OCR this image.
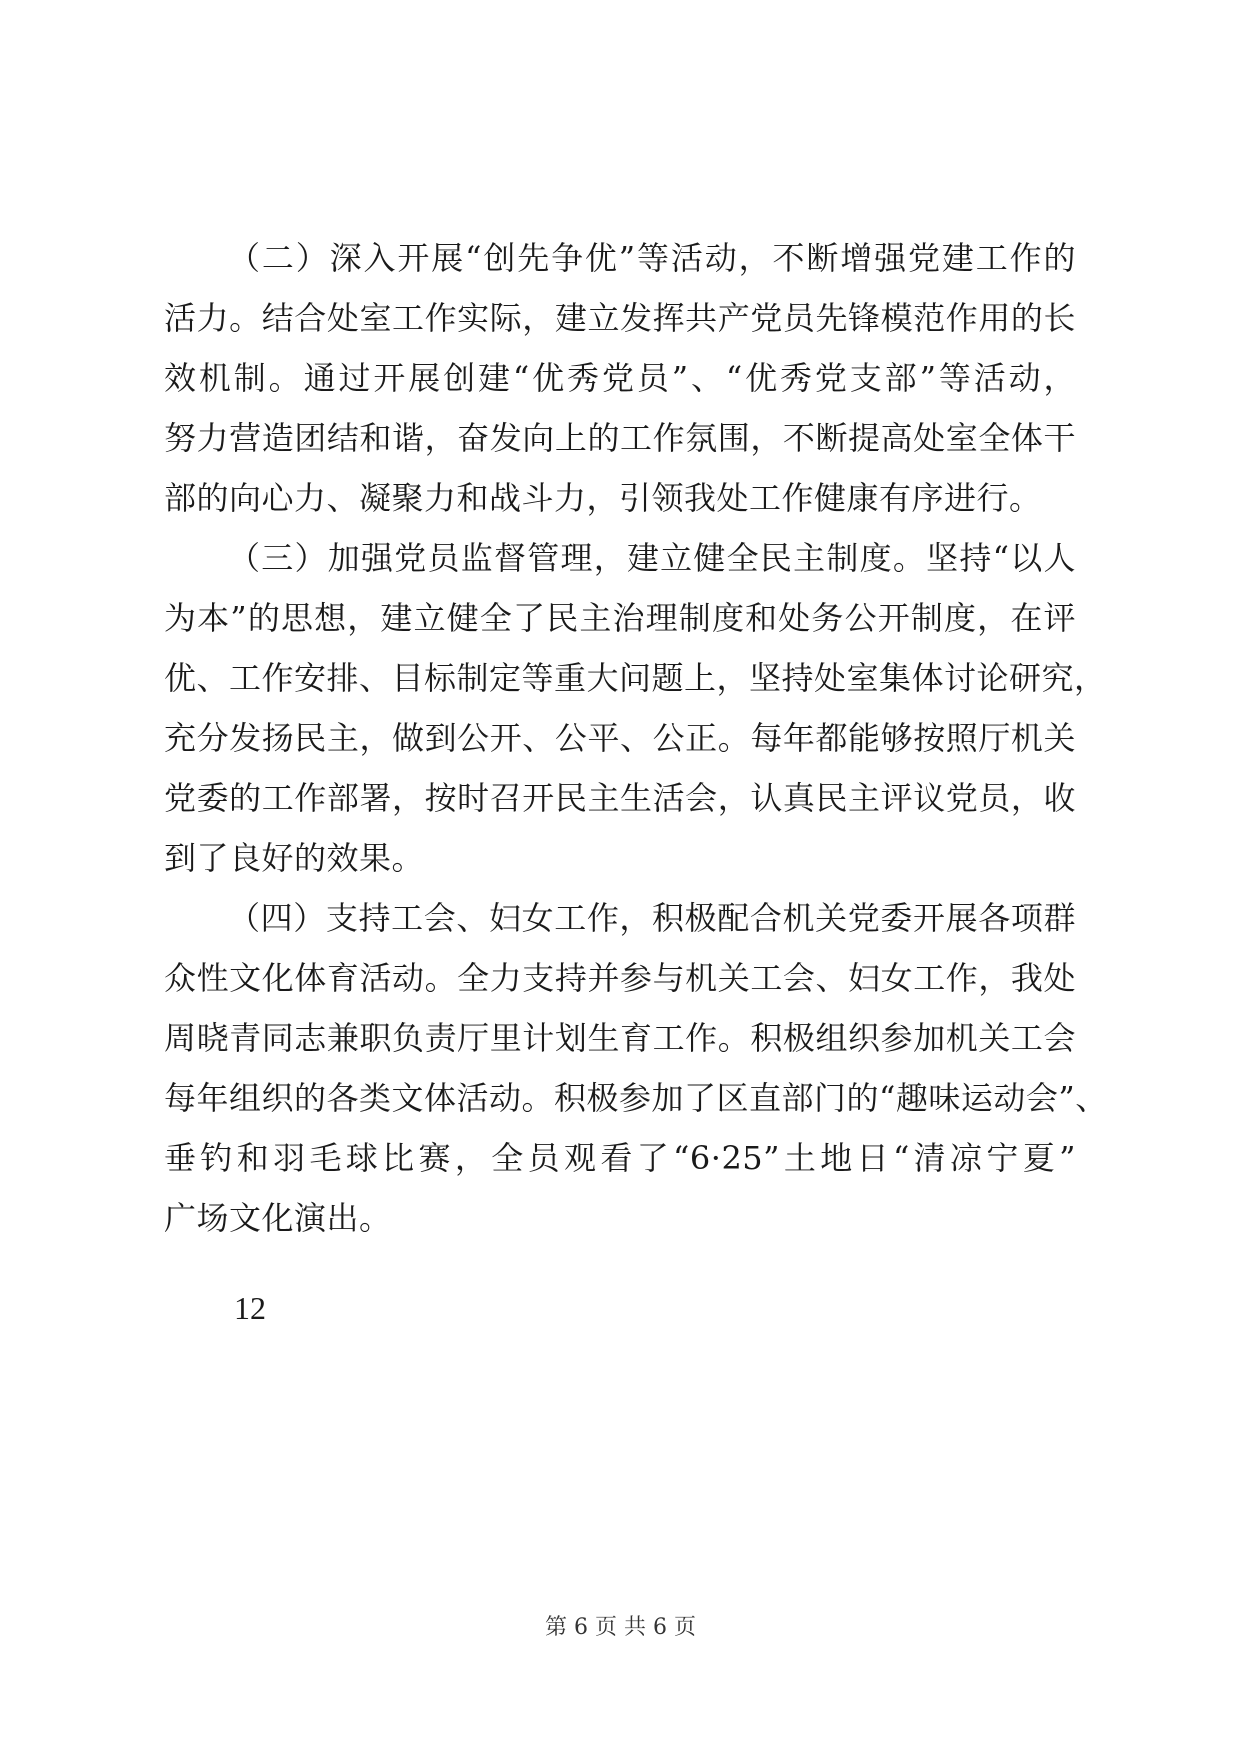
（二）深入开展“创先争优”等活动，不断增强党建工作的
活力。结合处室工作实际，建立发挥共产党员先锋模范作用的长
效机制。通过开展创建“优秀党员”、“优秀党支部”等活动，
努力营造团结和谐，奋发向上的工作氛围，不断提高处室全体干
部的向心力、凝聚力和战斗力，引领我处工作健康有序进行。
（三）加强党员监督管理，建立健全民主制度。坚持“以人
为本”的思想，建立健全了民主治理制度和处务公开制度，在评
优、工作安排、目标制定等重大问题上，坚持处室集体讨论研究，
充分发扬民主，做到公开、公平、公正。每年都能够按照厅机关
党委的工作部署，按时召开民主生活会，认真民主评议党员，收
到了良好的效果。
（四）支持工会、妇女工作，积极配合机关党委开展各项群
众性文化体育活动。全力支持并参与机关工会、妇女工作，我处
周晓青同志兼职负责厅里计划生育工作。积极组织参加机关工会
每年组织的各类文体活动。积极参加了区直部门的“趣味运动会”、
垂钓和羽毛球比赛，全员观看了“6·25”土地日“清凉宁夏”
广场文化演出。
12
第 6 页 共 6 页
